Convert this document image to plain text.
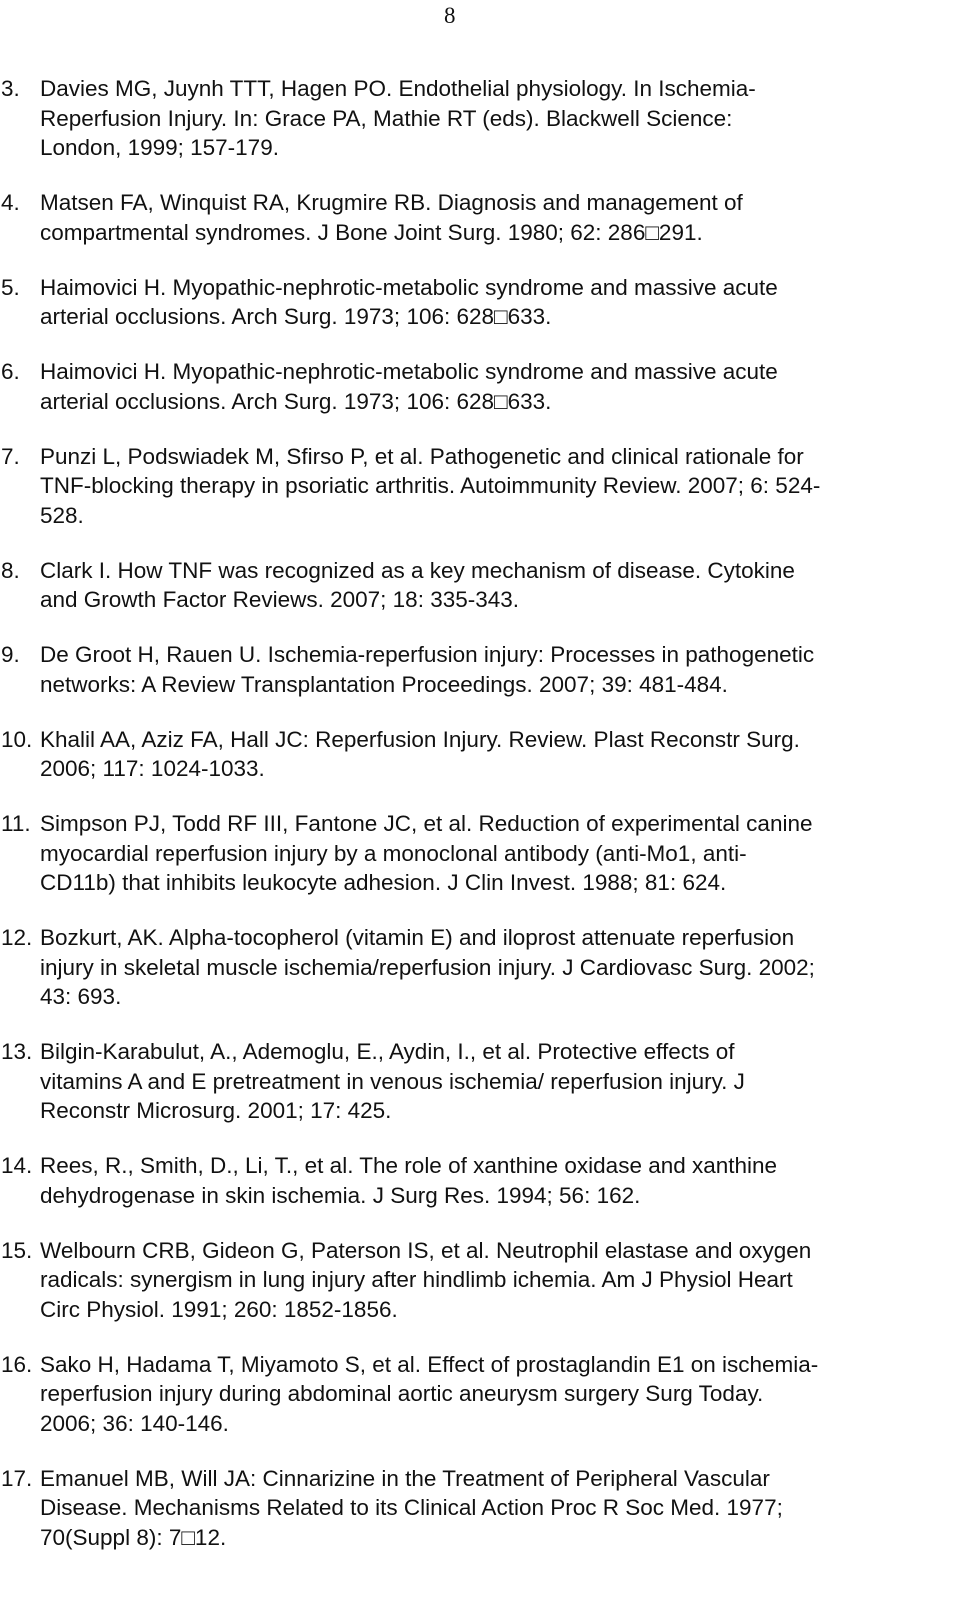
8
3. Davies MG, Juynh TTT, Hagen PO. Endothelial physiology. In Ischemia-
Reperfusion Injury. In: Grace PA, Mathie RT (eds). Blackwell Science:
London, 1999; 157-179.
4. Matsen FA, Winquist RA, Krugmire RB. Diagnosis and management of
compartmental syndromes. J Bone Joint Surg. 1980; 62: 286□291.
5. Haimovici H. Myopathic-nephrotic-metabolic syndrome and massive acute
arterial occlusions. Arch Surg. 1973; 106: 628□633.
6. Haimovici H. Myopathic-nephrotic-metabolic syndrome and massive acute
arterial occlusions. Arch Surg. 1973; 106: 628□633.
7. Punzi L, Podswiadek M, Sfirso P, et al. Pathogenetic and clinical rationale for
TNF-blocking therapy in psoriatic arthritis. Autoimmunity Review. 2007; 6: 524-
528.
8. Clark I. How TNF was recognized as a key mechanism of disease. Cytokine
and Growth Factor Reviews. 2007; 18: 335-343.
9. De Groot H, Rauen U. Ischemia-reperfusion injury: Processes in pathogenetic
networks: A Review Transplantation Proceedings. 2007; 39: 481-484.
10. Khalil AA, Aziz FA, Hall JC: Reperfusion Injury. Review. Plast Reconstr Surg.
2006; 117: 1024-1033.
11. Simpson PJ, Todd RF III, Fantone JC, et al. Reduction of experimental canine
myocardial reperfusion injury by a monoclonal antibody (anti-Mo1, anti-
CD11b) that inhibits leukocyte adhesion. J Clin Invest. 1988; 81: 624.
12. Bozkurt, AK. Alpha-tocopherol (vitamin E) and iloprost attenuate reperfusion
injury in skeletal muscle ischemia/reperfusion injury. J Cardiovasc Surg. 2002;
43: 693.
13. Bilgin-Karabulut, A., Ademoglu, E., Aydin, I., et al. Protective effects of
vitamins A and E pretreatment in venous ischemia/ reperfusion injury. J
Reconstr Microsurg. 2001; 17: 425.
14. Rees, R., Smith, D., Li, T., et al. The role of xanthine oxidase and xanthine
dehydrogenase in skin ischemia. J Surg Res. 1994; 56: 162.
15. Welbourn CRB, Gideon G, Paterson IS, et al. Neutrophil elastase and oxygen
radicals: synergism in lung injury after hindlimb ichemia. Am J Physiol Heart
Circ Physiol. 1991; 260: 1852-1856.
16. Sako H, Hadama T, Miyamoto S, et al. Effect of prostaglandin E1 on ischemia-
reperfusion injury during abdominal aortic aneurysm surgery Surg Today.
2006; 36: 140-146.
17. Emanuel MB, Will JA: Cinnarizine in the Treatment of Peripheral Vascular
Disease. Mechanisms Related to its Clinical Action Proc R Soc Med. 1977;
70(Suppl 8): 7□12.
